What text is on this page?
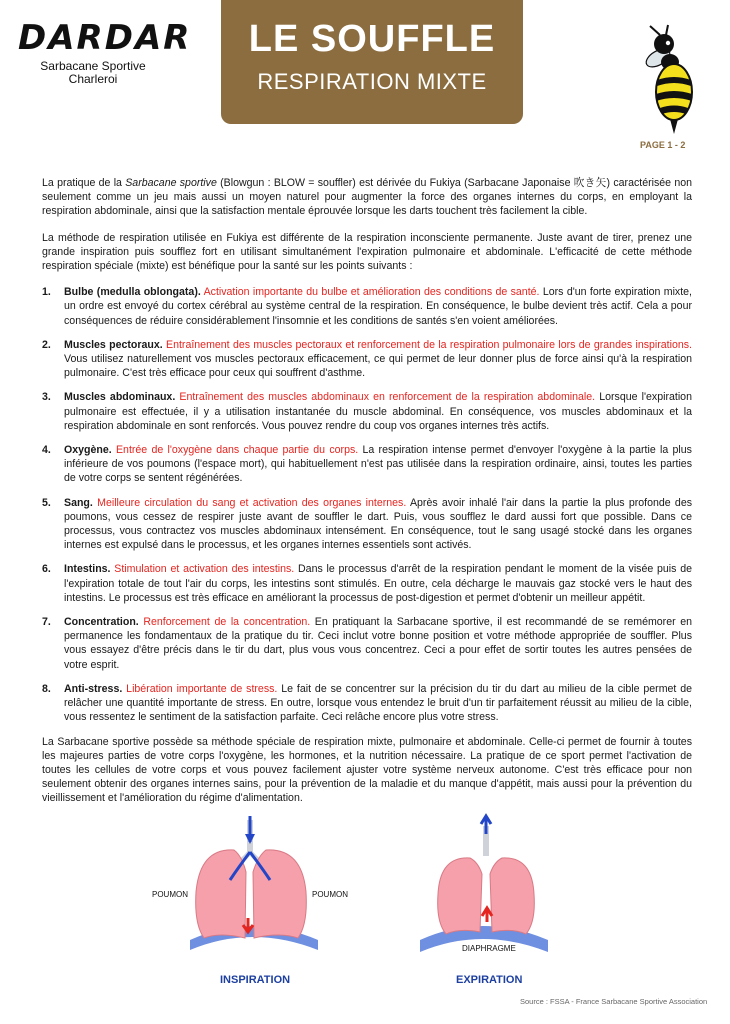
DARDAR
Sarbacane Sportive
Charleroi
LE SOUFFLE
RESPIRATION MIXTE
PAGE 1 - 2

La pratique de la Sarbacane sportive (Blowgun : BLOW = souffler) est dérivée du Fukiya (Sarbacane Japonaise 吹き矢) caractérisée non seulement comme un jeu mais aussi un moyen naturel pour augmenter la force des organes internes du corps, en employant la respiration abdominale, ainsi que la satisfaction mentale éprouvée lorsque les darts touchent très facilement la cible.

La méthode de respiration utilisée en Fukiya est différente de la respiration inconsciente permanente. Juste avant de tirer, prenez une grande inspiration puis soufflez fort en utilisant simultanément l'expiration pulmonaire et abdominale. L'efficacité de cette méthode respiration spéciale (mixte) est bénéfique pour la santé sur les points suivants :

1. Bulbe (medulla oblongata). Activation importante du bulbe et amélioration des conditions de santé. Lors d'un forte expiration mixte, un ordre est envoyé du cortex cérébral au système central de la respiration. En conséquence, le bulbe devient très actif. Cela a pour conséquences de réduire considérablement l'insomnie et les conditions de santés s'en voient améliorées.
2. Muscles pectoraux. Entraînement des muscles pectoraux et renforcement de la respiration pulmonaire lors de grandes inspirations. Vous utilisez naturellement vos muscles pectoraux efficacement, ce qui permet de leur donner plus de force ainsi qu'à la respiration pulmonaire. C'est très efficace pour ceux qui souffrent d'asthme.
3. Muscles abdominaux. Entraînement des muscles abdominaux en renforcement de la respiration abdominale. Lorsque l'expiration pulmonaire est effectuée, il y a utilisation instantanée du muscle abdominal. En conséquence, vos muscles abdominaux et la respiration abdominale en sont renforcés. Vous pouvez rendre du coup vos organes internes très actifs.
4. Oxygène. Entrée de l'oxygène dans chaque partie du corps. La respiration intense permet d'envoyer l'oxygène à la partie la plus inférieure de vos poumons (l'espace mort), qui habituellement n'est pas utilisée dans la respiration ordinaire, ainsi, toutes les parties de votre corps se sentent régénérées.
5. Sang. Meilleure circulation du sang et activation des organes internes. Après avoir inhalé l'air dans la partie la plus profonde des poumons, vous cessez de respirer juste avant de souffler le dart. Puis, vous soufflez le dard aussi fort que possible. Dans ce processus, vous contractez vos muscles abdominaux intensément. En conséquence, tout le sang usagé stocké dans les organes internes est expulsé dans le processus, et les organes internes essentiels sont activés.
6. Intestins. Stimulation et activation des intestins. Dans le processus d'arrêt de la respiration pendant le moment de la visée puis de l'expiration totale de tout l'air du corps, les intestins sont stimulés. En outre, cela décharge le mauvais gaz stocké vers le haut des intestins. Le processus est très efficace en améliorant la processus de post-digestion et permet d'obtenir un meilleur appétit.
7. Concentration. Renforcement de la concentration. En pratiquant la Sarbacane sportive, il est recommandé de se remémorer en permanence les fondamentaux de la pratique du tir. Ceci inclut votre bonne position et votre méthode appropriée de souffler. Plus vous essayez d'être précis dans le tir du dart, plus vous vous concentrez. Ceci a pour effet de sortir toutes les autres pensées de votre esprit.
8. Anti-stress. Libération importante de stress. Le fait de se concentrer sur la précision du tir du dart au milieu de la cible permet de relâcher une quantité importante de stress. En outre, lorsque vous entendez le bruit d'un tir parfaitement réussit au milieu de la cible, vous ressentez le sentiment de la satisfaction parfaite. Ceci relâche encore plus votre stress.

La Sarbacane sportive possède sa méthode spéciale de respiration mixte, pulmonaire et abdominale. Celle-ci permet de fournir à toutes les majeures parties de votre corps l'oxygène, les hormones, et la nutrition nécessaire. La pratique de ce sport permet l'activation de toutes les cellules de votre corps et vous pouvez facilement ajuster votre système nerveux autonome. C'est très efficace pour non seulement obtenir des organes internes sains, pour la prévention de la maladie et du manque d'appétit, mais aussi pour la prévention du vieillissement et l'amélioration du régime d'alimentation.

POUMON	POUMON
DIAPHRAGME
INSPIRATION	EXPIRATION
Source : FSSA - France Sarbacane Sportive Association
